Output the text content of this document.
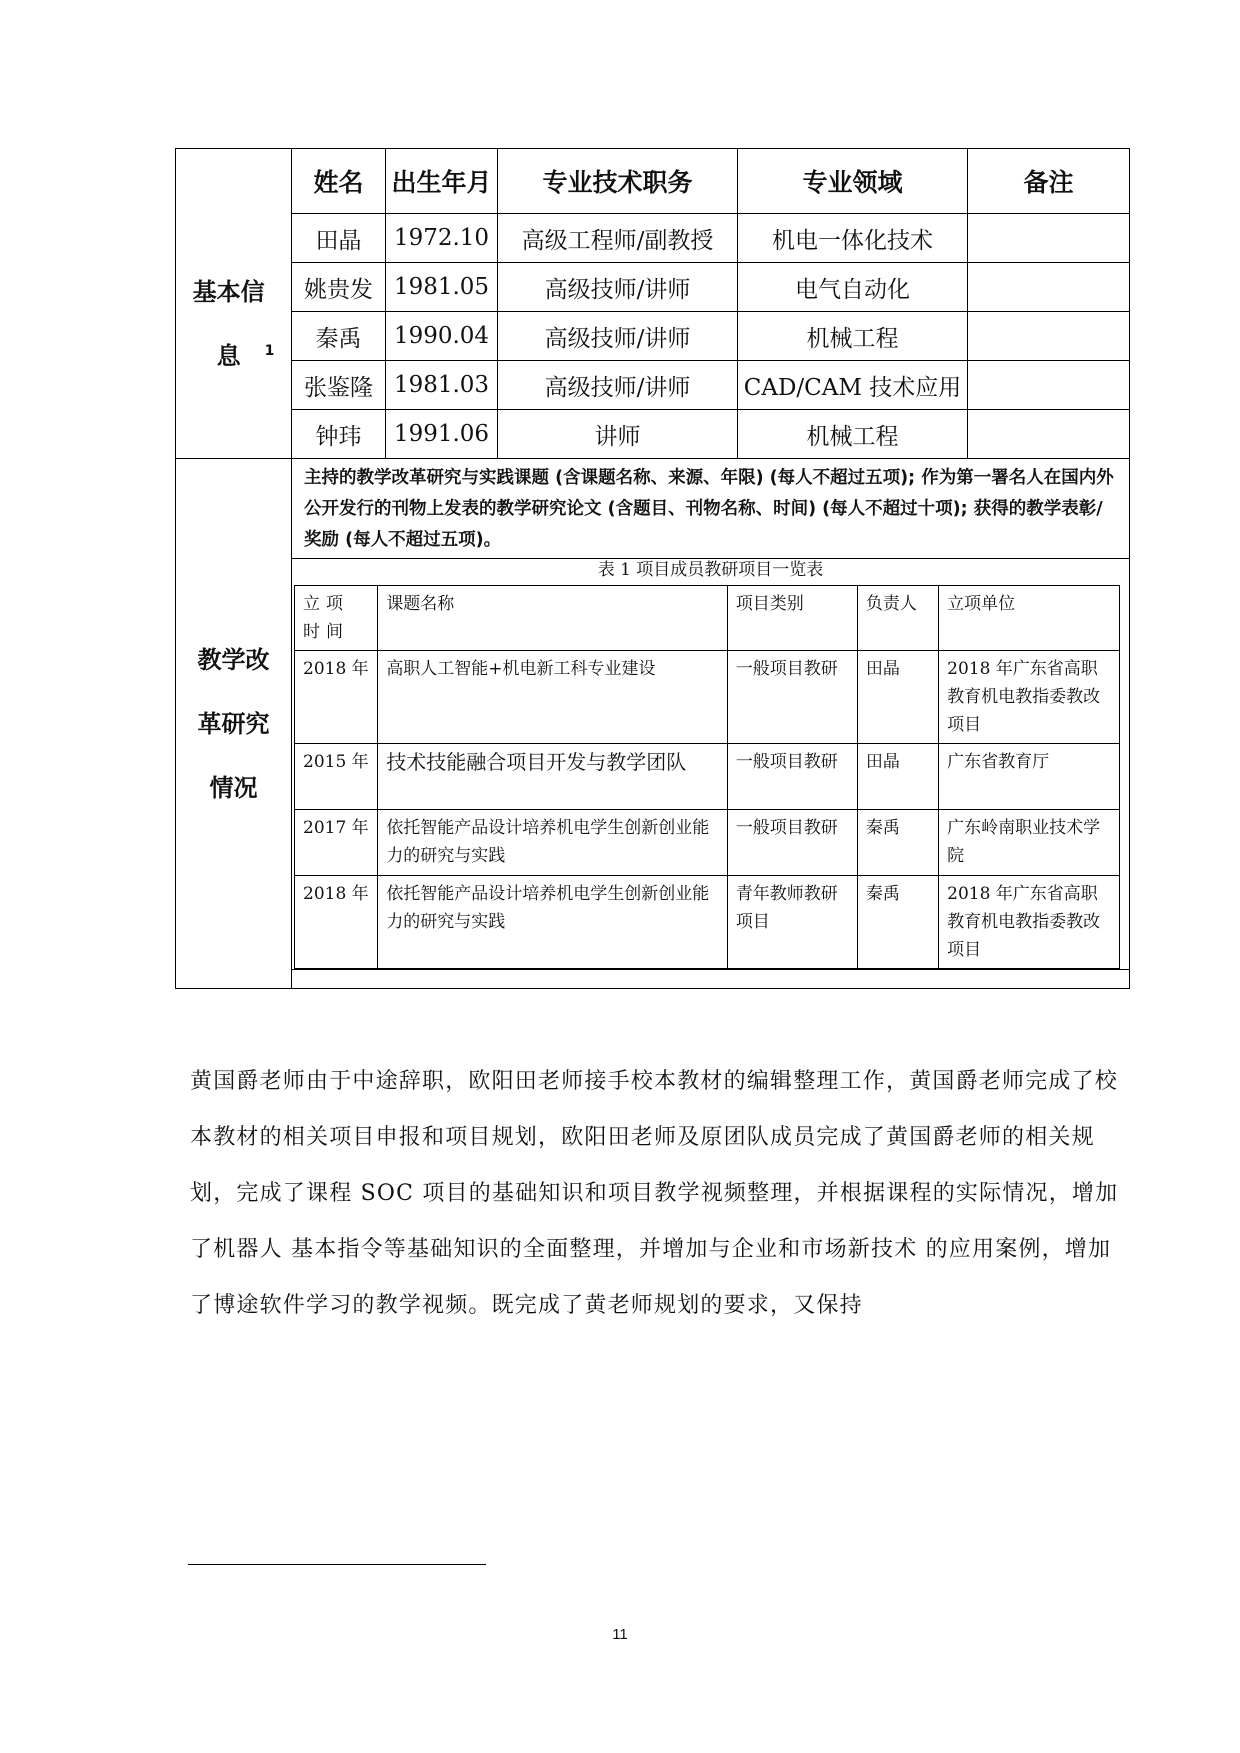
基本信息 $^1$	姓名	出生年月	专业技术职务	专业领域	备注
田晶	1972.10	高级工程师/副教授	机电一体化技术	
姚贵发	1981.05	高级技师/讲师	电气自动化	
秦禹	1990.04	高级技师/讲师	机械工程	
张鉴隆	1981.03	高级技师/讲师	CAD/CAM 技术应用	
钟玮	1991.06	讲师	机械工程	
教学改革研究情况	
主持的教学改革研究与实践课题 (含课题名称、来源、年限) (每人不超过五项); 作为第一署名人在国内外公开发行的刊物上发表的教学研究论文 (含题目、刊物名称、时间) (每人不超过十项); 获得的教学表彰/奖励 (每人不超过五项)。
表 1 项目成员教研项目一览表
立项时间	课题名称	项目类别	负责人	立项单位
2018 年	高职人工智能+机电新工科专业建设	一般项目教研	田晶	2018 年广东省高职教育机电教指委教改项目
2015 年	技术技能融合项目开发与教学团队	一般项目教研	田晶	广东省教育厅
2017 年	依托智能产品设计培养机电学生创新创业能力的研究与实践	一般项目教研	秦禹	广东岭南职业技术学院
2018 年	依托智能产品设计培养机电学生创新创业能力的研究与实践	青年教师教研项目	秦禹	2018 年广东省高职教育机电教指委教改项目
黄国爵老师由于中途辞职，欧阳田老师接手校本教材的编辑整理工作，黄国爵老师完成了校本教材的相关项目申报和项目规划，欧阳田老师及原团队成员完成了黄国爵老师的相关规划，完成了课程 SOC 项目的基础知识和项目教学视频整理，并根据课程的实际情况，增加了机器人 基本指令等基础知识的全面整理，并增加与企业和市场新技术 的应用案例，增加了博途软件学习的教学视频。既完成了黄老师规划的要求，又保持
11
